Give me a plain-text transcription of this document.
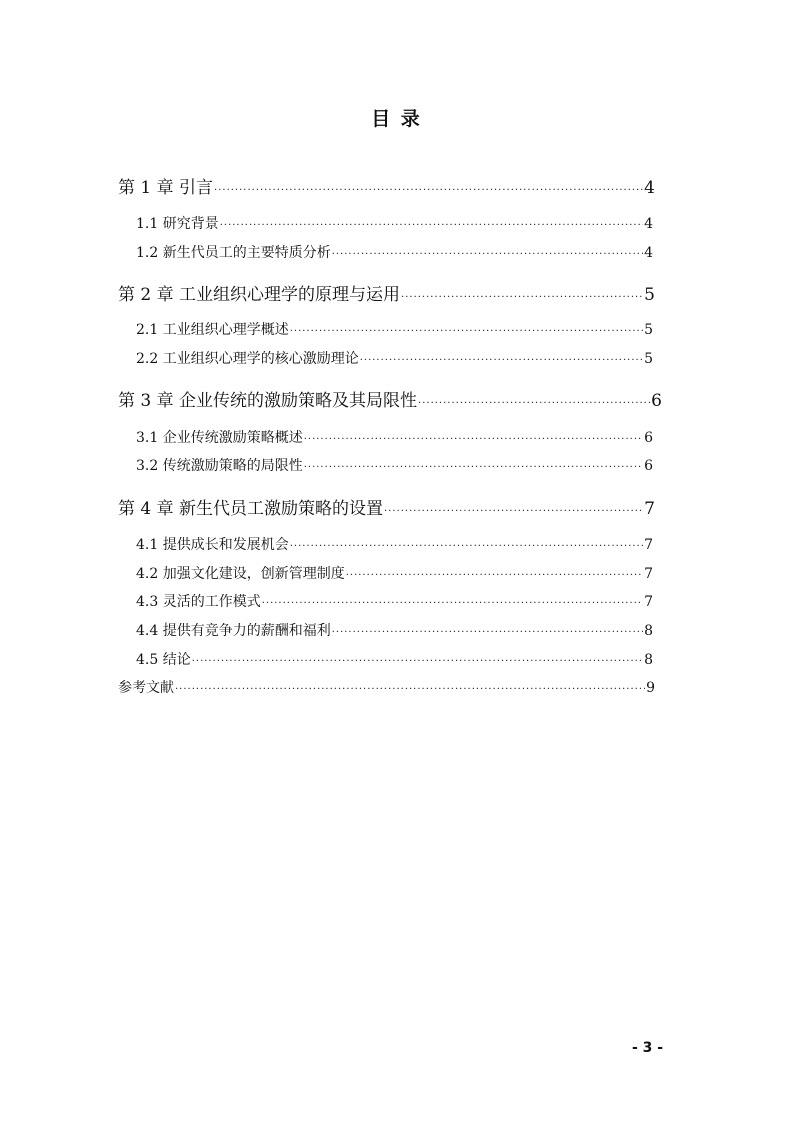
目 录
第 1 章 引言 ·····	4
1.1 研究背景 ·····	4
1.2 新生代员工的主要特质分析 ·····	4
第 2 章 工业组织心理学的原理与运用 ·····	5
2.1 工业组织心理学概述 ·····	5
2.2 工业组织心理学的核心激励理论 ·····	5
第 3 章 企业传统的激励策略及其局限性 ·····	6
3.1 企业传统激励策略概述 ·····	6
3.2 传统激励策略的局限性 ·····	6
第 4 章 新生代员工激励策略的设置 ·····	7
4.1 提供成长和发展机会 ·····	7
4.2 加强文化建设，创新管理制度 ·····	7
4.3 灵活的工作模式 ·····	7
4.4 提供有竞争力的薪酬和福利 ·····	8
4.5 结论 ·····	8
参考文献 ·····	9
- 3 -
